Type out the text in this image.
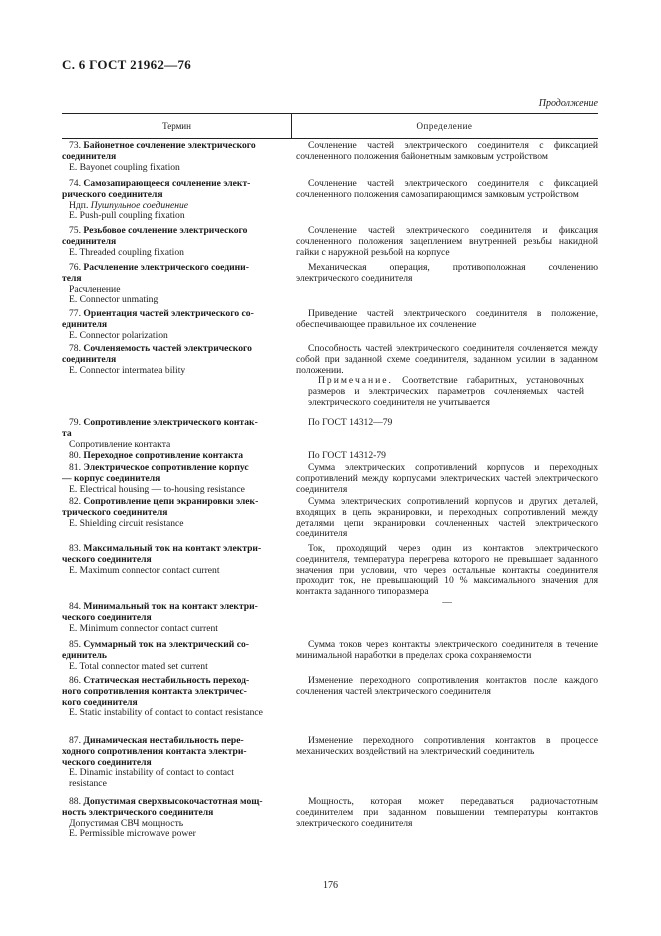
С. 6 ГОСТ 21962—76
Продолжение
Термин	Определение
73. Байонетное сочленение электрического
соединителя
E. Bayonet coupling fixation
Сочленение частей электрического соединителя с фиксацией сочлененного положения байонетным замковым устройством
74. Самозапирающееся сочленение элект-
рического соединителя
Ндп. Пушпульное соединение
E. Push-pull coupling fixation
Сочленение частей электрического соединителя с фиксацией сочлененного положения самозапирающимся замковым устройством
75. Резьбовое сочленение электрического
соединителя
E. Threaded coupling fixation
Сочленение частей электрического соединителя и фиксация сочлененного положения зацеплением внутренней резьбы накидной гайки с наружной резьбой на корпусе
76. Расчленение электрического соедини-
теля
Расчленение
E. Connector unmating
Механическая операция, противоположная сочленению электрического соединителя
77. Ориентация частей электрического со-
единителя
E. Connector polarization
Приведение частей электрического соединителя в положение, обеспечивающее правильное их сочленение
78. Сочленяемость частей электрического
соединителя
E. Connector intermatea bility
Способность частей электрического соединителя сочленяется между собой при заданной схеме соединителя, заданном усилии в заданном положении.
Примечание. Соответствие габаритных, установочных размеров и электрических параметров сочленяемых частей электрического соединителя не учитывается
79. Сопротивление электрического контак-
та
Сопротивление контакта
По ГОСТ 14312—79
80. Переходное сопротивление контакта	По ГОСТ 14312-79
81. Электрическое сопротивление корпус
— корпус соединителя
E. Electrical housing — to-housing resistance
Сумма электрических сопротивлений корпусов и переходных сопротивлений между корпусами электрических частей электрического соединителя
82. Сопротивление цепи экранировки элек-
трического соединителя
E. Shielding circuit resistance
Сумма электрических сопротивлений корпусов и других деталей, входящих в цепь экранировки, и переходных сопротивлений между деталями цепи экранировки сочлененных частей электрического соединителя
83. Максимальный ток на контакт электри-
ческого соединителя
E. Maximum connector contact current
Ток, проходящий через один из контактов электрического соединителя, температура перегрева которого не превышает заданного значения при условии, что через остальные контакты соединителя проходит ток, не превышающий 10 % максимального значения для контакта заданного типоразмера
—
84. Минимальный ток на контакт электри-
ческого соединителя
E. Minimum connector contact current
85. Суммарный ток на электрический со-
единитель
E. Total connector mated set current
Сумма токов через контакты электрического соединителя в течение минимальной наработки в пределах срока сохраняемости
86. Статическая нестабильность переход-
ного сопротивления контакта электричес-
кого соединителя
E. Static instability of contact to contact resistance
Изменение переходного сопротивления контактов после каждого сочленения частей электрического соединителя
87. Динамическая нестабильность пере-
ходного сопротивления контакта электри-
ческого соединителя
E. Dinamic instability of contact to contact resistance
Изменение переходного сопротивления контактов в процессе механических воздействий на электрический соединитель
88. Допустимая сверхвысокочастотная мощ-
ность электрического соединителя
Допустимая СВЧ мощность
E. Permissible microwave power
Мощность, которая может передаваться радиочастотным соединителем при заданном повышении температуры контактов электрического соединителя
176
